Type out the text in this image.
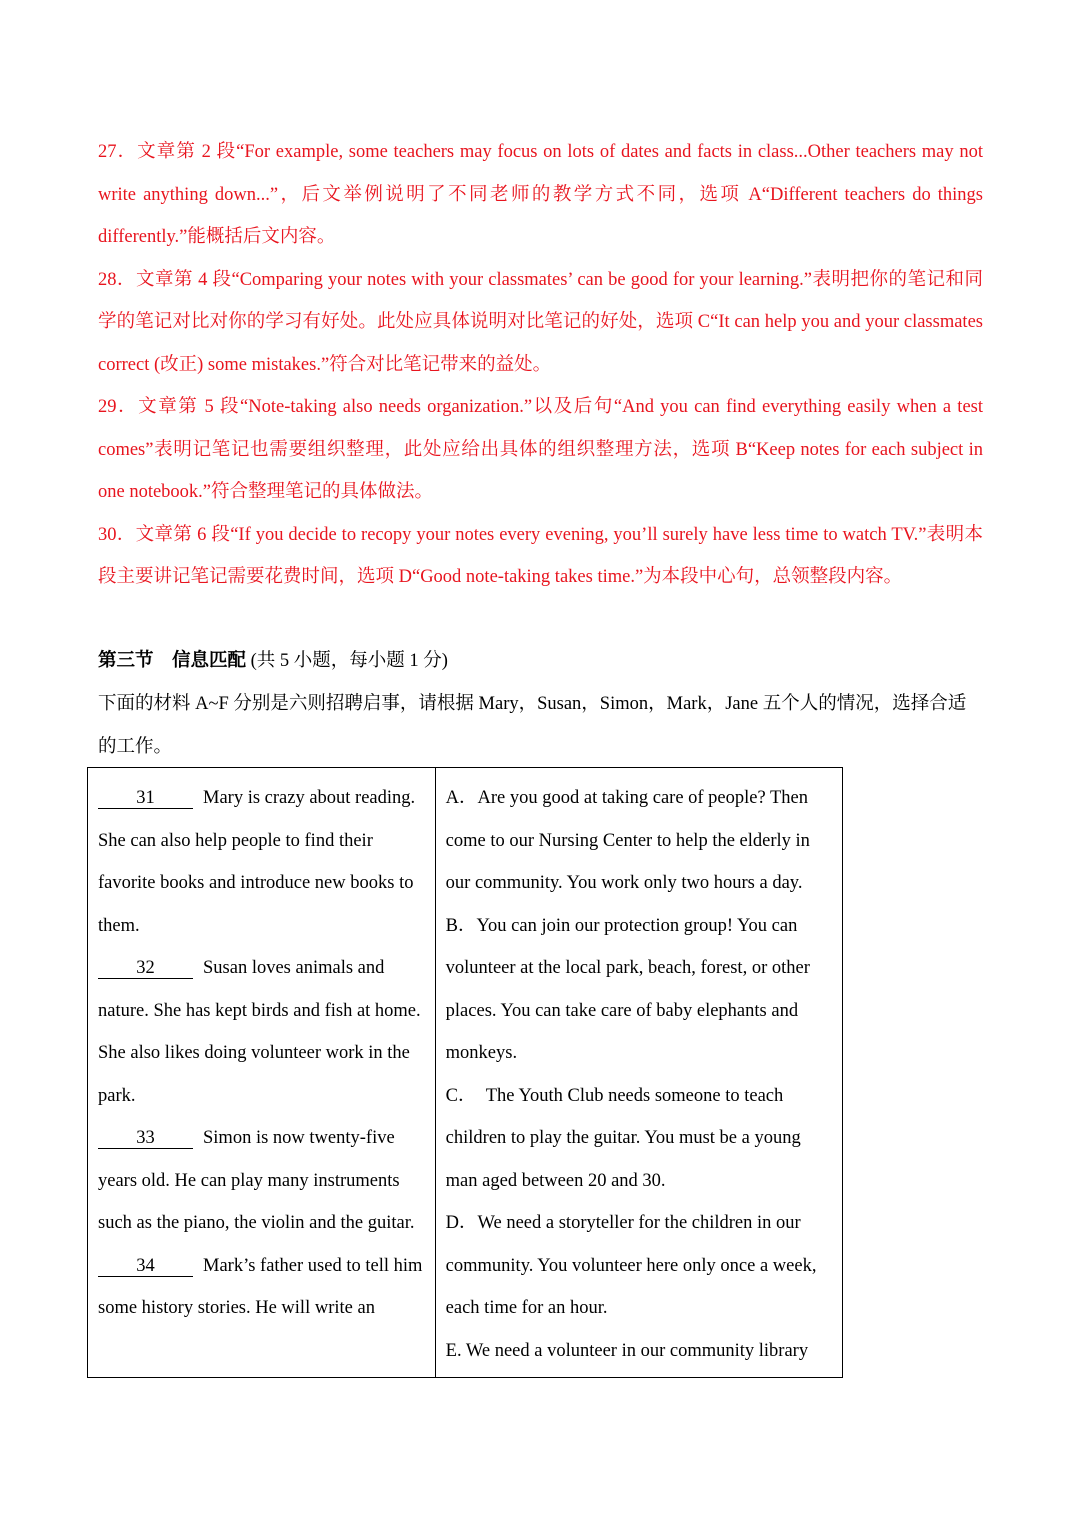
27．文章第 2 段“For example, some teachers may focus on lots of dates and facts in class...Other teachers may not write anything down...”，后文举例说明了不同老师的教学方式不同，选项 A“Different teachers do things differently.”能概括后文内容。

28．文章第 4 段“Comparing your notes with your classmates’ can be good for your learning.”表明把你的笔记和同学的笔记对比对你的学习有好处。此处应具体说明对比笔记的好处，选项 C“It can help you and your classmates correct (改正) some mistakes.”符合对比笔记带来的益处。

29．文章第 5 段“Note-taking also needs organization.”以及后句“And you can find everything easily when a test comes”表明记笔记也需要组织整理，此处应给出具体的组织整理方法，选项 B“Keep notes for each subject in one notebook.”符合整理笔记的具体做法。

30．文章第 6 段“If you decide to recopy your notes every evening, you’ll surely have less time to watch TV.”表明本段主要讲记笔记需要花费时间，选项 D“Good note-taking takes time.”为本段中心句，总领整段内容。

第三节　信息匹配 (共 5 小题，每小题 1 分)
下面的材料 A~F 分别是六则招聘启事，请根据 Mary，Susan，Simon，Mark，Jane 五个人的情况，选择合适的工作。

31	Mary is crazy about reading. She can also help people to find their favorite books and introduce new books to them.

32	Susan loves animals and nature. She has kept birds and fish at home. She also likes doing volunteer work in the park.

33	Simon is now twenty-five years old. He can play many instruments such as the piano, the violin and the guitar.

34	Mark’s father used to tell him some history stories. He will write an

A．Are you good at taking care of people? Then come to our Nursing Center to help the elderly in our community. You work only two hours a day.

B．You can join our protection group! You can volunteer at the local park, beach, forest, or other places. You can take care of baby elephants and monkeys.

C．　The Youth Club needs someone to teach children to play the guitar. You must be a young man aged between 20 and 30.

D．We need a storyteller for the children in our community. You volunteer here only once a week, each time for an hour.

E. We need a volunteer in our community library
